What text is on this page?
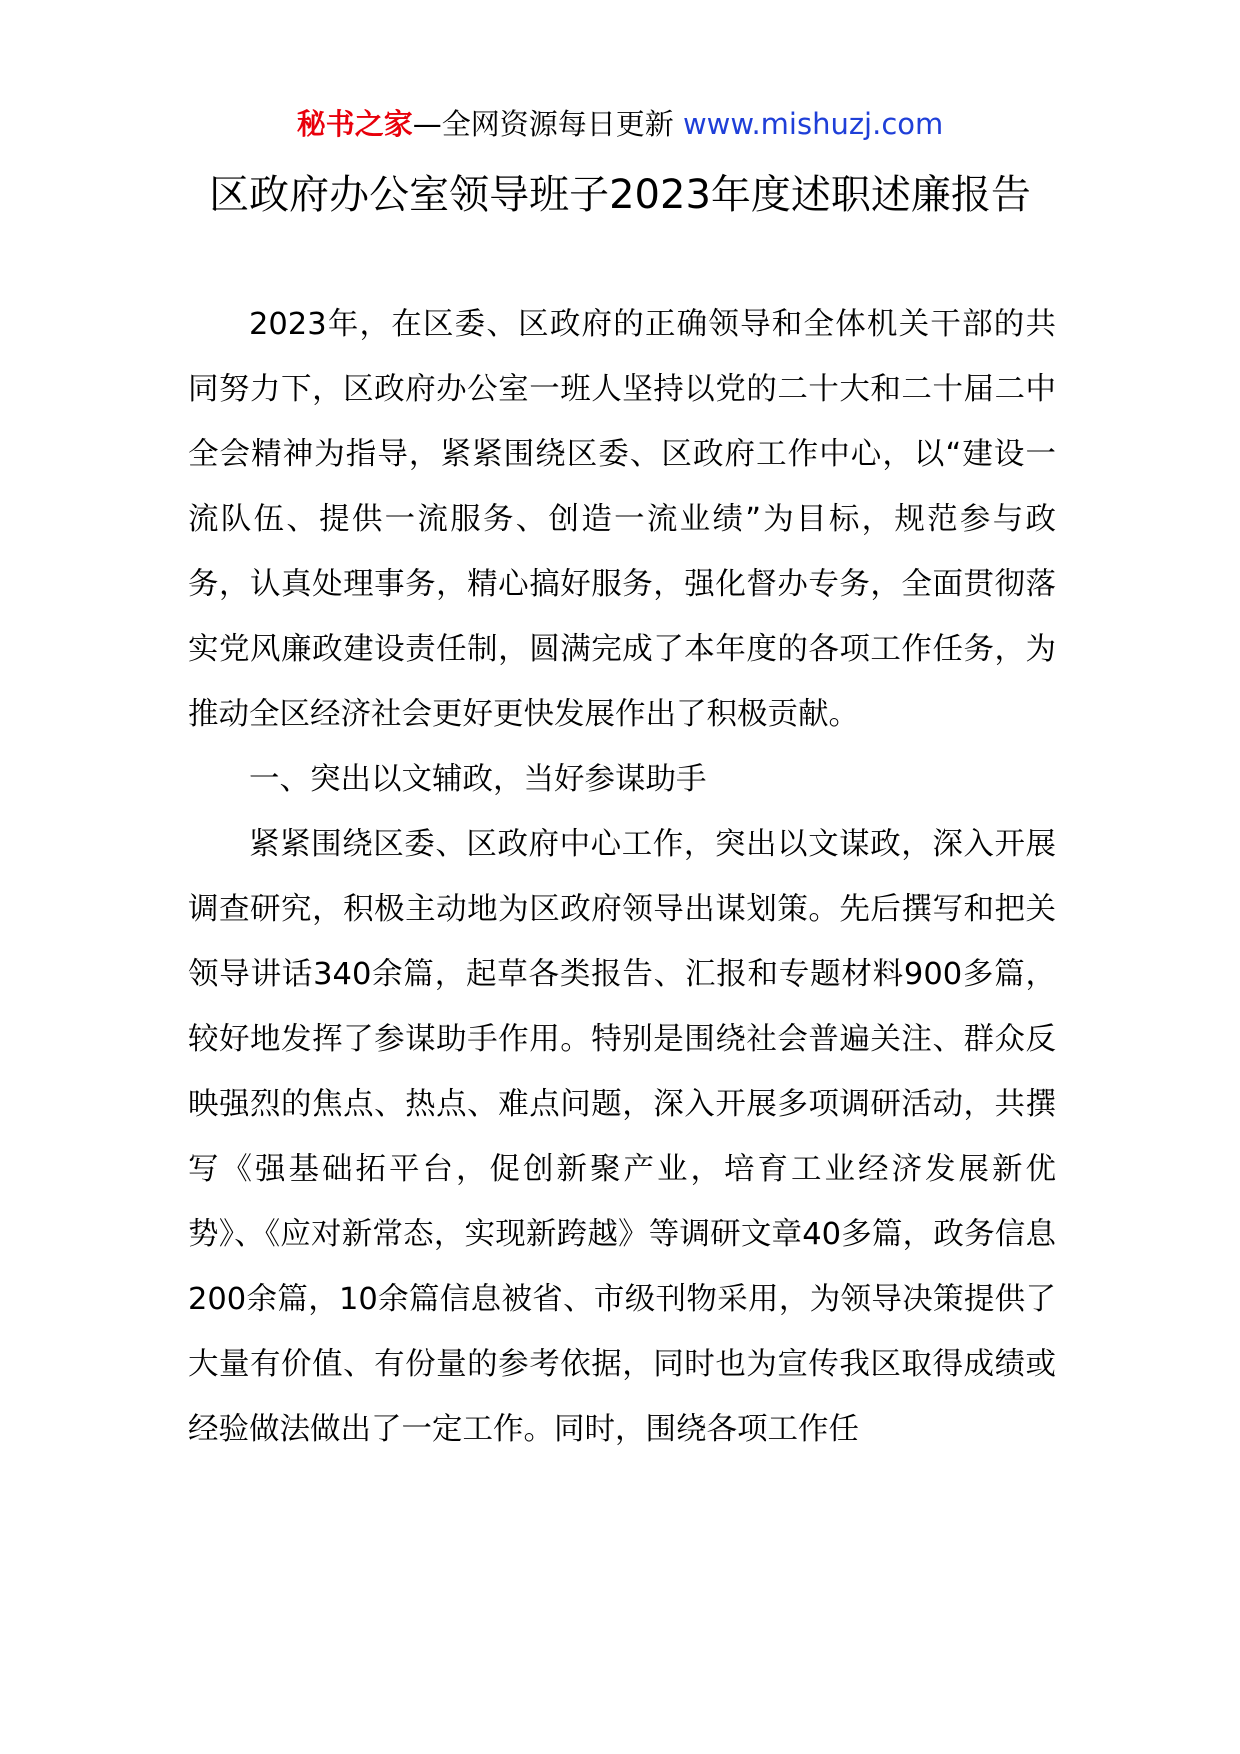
秘书之家—全网资源每日更新 www.mishuzj.com
区政府办公室领导班子2023年度述职述廉报告

2023年，在区委、区政府的正确领导和全体机关干部的共同努力下，区政府办公室一班人坚持以党的二十大和二十届二中全会精神为指导，紧紧围绕区委、区政府工作中心，以“建设一流队伍、提供一流服务、创造一流业绩”为目标，规范参与政务，认真处理事务，精心搞好服务，强化督办专务，全面贯彻落实党风廉政建设责任制，圆满完成了本年度的各项工作任务，为推动全区经济社会更好更快发展作出了积极贡献。

一、突出以文辅政，当好参谋助手

紧紧围绕区委、区政府中心工作，突出以文谋政，深入开展调查研究，积极主动地为区政府领导出谋划策。先后撰写和把关领导讲话340余篇，起草各类报告、汇报和专题材料900多篇，较好地发挥了参谋助手作用。特别是围绕社会普遍关注、群众反映强烈的焦点、热点、难点问题，深入开展多项调研活动，共撰写《强基础拓平台，促创新聚产业，培育工业经济发展新优势》、《应对新常态，实现新跨越》等调研文章40多篇，政务信息200余篇，10余篇信息被省、市级刊物采用，为领导决策提供了大量有价值、有份量的参考依据，同时也为宣传我区取得成绩或经验做法做出了一定工作。同时，围绕各项工作任
